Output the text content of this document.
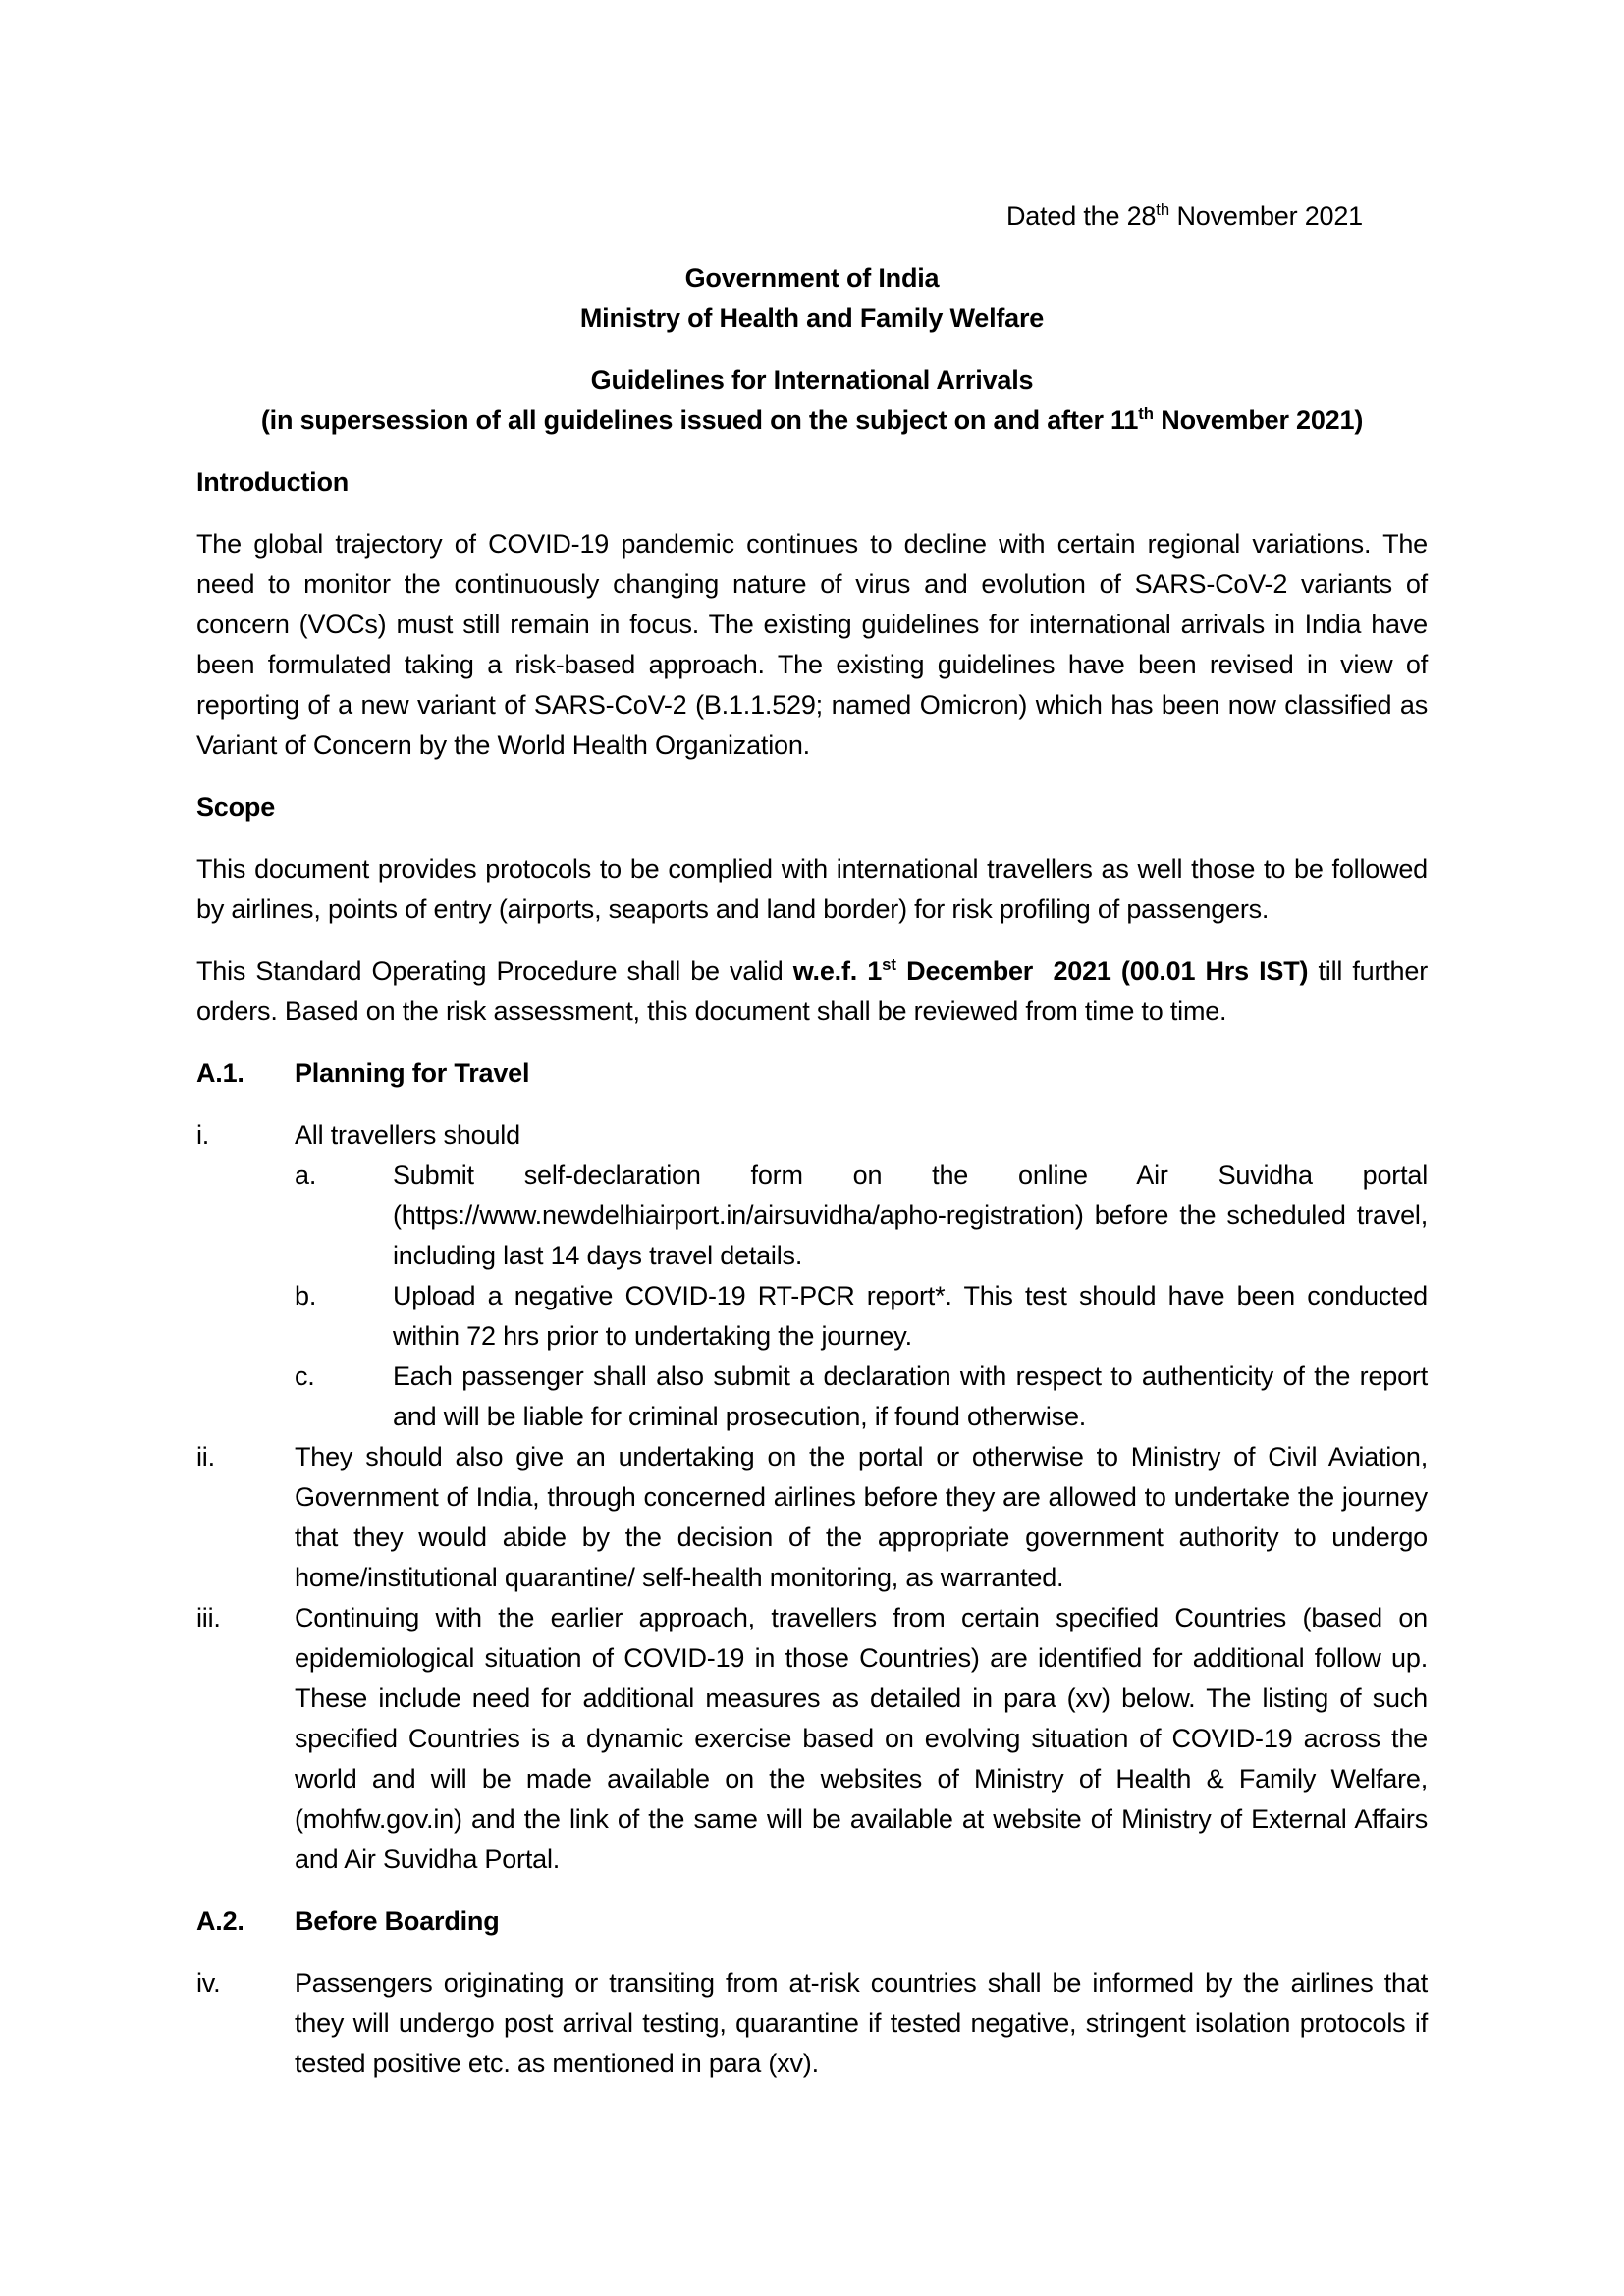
Dated the 28th November 2021

Government of India
Ministry of Health and Family Welfare

Guidelines for International Arrivals
(in supersession of all guidelines issued on the subject on and after 11th November 2021)

Introduction

The global trajectory of COVID-19 pandemic continues to decline with certain regional variations. The need to monitor the continuously changing nature of virus and evolution of SARS-CoV-2 variants of concern (VOCs) must still remain in focus. The existing guidelines for international arrivals in India have been formulated taking a risk-based approach. The existing guidelines have been revised in view of reporting of a new variant of SARS-CoV-2 (B.1.1.529; named Omicron) which has been now classified as Variant of Concern by the World Health Organization.

Scope

This document provides protocols to be complied with international travellers as well those to be followed by airlines, points of entry (airports, seaports and land border) for risk profiling of passengers.

This Standard Operating Procedure shall be valid w.e.f. 1st December  2021 (00.01 Hrs IST) till further orders. Based on the risk assessment, this document shall be reviewed from time to time.

A.1.	Planning for Travel
i.	All travellers should
a.	Submit self-declaration form on the online Air Suvidha portal (https://www.newdelhiairport.in/airsuvidha/apho-registration) before the scheduled travel, including last 14 days travel details.
b.	Upload a negative COVID-19 RT-PCR report*. This test should have been conducted within 72 hrs prior to undertaking the journey.
c.	Each passenger shall also submit a declaration with respect to authenticity of the report and will be liable for criminal prosecution, if found otherwise.
ii.	They should also give an undertaking on the portal or otherwise to Ministry of Civil Aviation, Government of India, through concerned airlines before they are allowed to undertake the journey that they would abide by the decision of the appropriate government authority to undergo home/institutional quarantine/ self-health monitoring, as warranted.
iii.	Continuing with the earlier approach, travellers from certain specified Countries (based on epidemiological situation of COVID-19 in those Countries) are identified for additional follow up. These include need for additional measures as detailed in para (xv) below. The listing of such specified Countries is a dynamic exercise based on evolving situation of COVID-19 across the world and will be made available on the websites of Ministry of Health & Family Welfare, (mohfw.gov.in) and the link of the same will be available at website of Ministry of External Affairs and Air Suvidha Portal.
A.2.	Before Boarding
iv.	Passengers originating or transiting from at-risk countries shall be informed by the airlines that they will undergo post arrival testing, quarantine if tested negative, stringent isolation protocols if tested positive etc. as mentioned in para (xv).
